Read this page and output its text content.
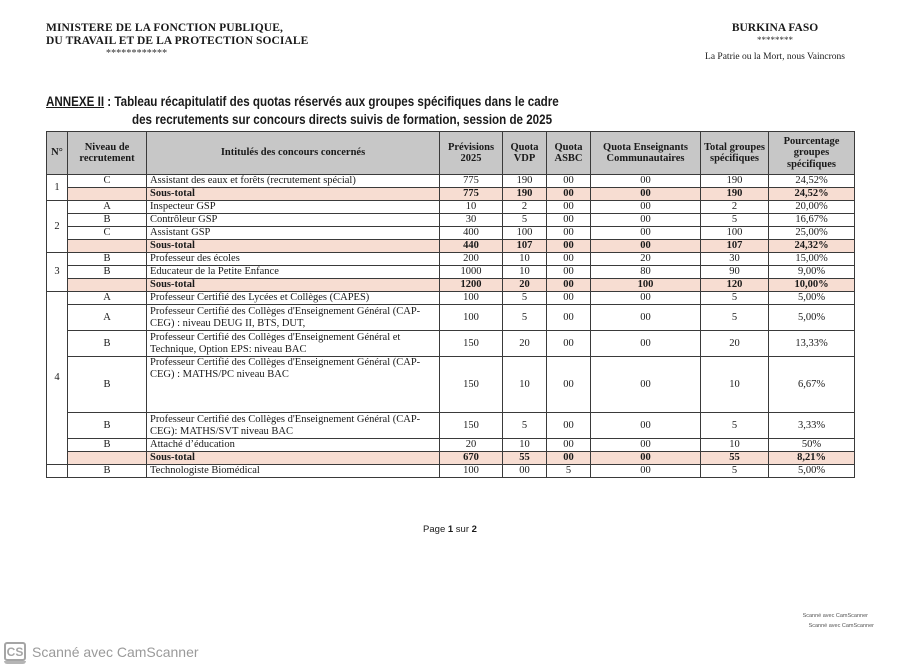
MINISTERE DE LA FONCTION PUBLIQUE,
DU TRAVAIL ET DE LA PROTECTION SOCIALE
************
BURKINA FASO
********
La Patrie ou la Mort, nous Vaincrons
ANNEXE II : Tableau récapitulatif des quotas réservés aux groupes spécifiques dans le cadre
des recrutements sur concours directs suivis de formation, session de 2025
N°	Niveau de recrutement	Intitulés des concours concernés	Prévisions 2025	Quota VDP	Quota ASBC	Quota Enseignants Communautaires	Total groupes spécifiques	Pourcentage groupes spécifiques
1	C	Assistant des eaux et forêts (recrutement spécial)	775	190	00	00	190	24,52%
		Sous-total	775	190	00	00	190	24,52%
2	A	Inspecteur GSP	10	2	00	00	2	20,00%
	B	Contrôleur GSP	30	5	00	00	5	16,67%
	C	Assistant GSP	400	100	00	00	100	25,00%
		Sous-total	440	107	00	00	107	24,32%
3	B	Professeur des écoles	200	10	00	20	30	15,00%
	B	Educateur de la Petite Enfance	1000	10	00	80	90	9,00%
		Sous-total	1200	20	00	100	120	10,00%
4	A	Professeur Certifié des Lycées et Collèges (CAPES)	100	5	00	00	5	5,00%
	A	Professeur Certifié des Collèges d'Enseignement Général (CAP-CEG) : niveau DEUG II, BTS, DUT,	100	5	00	00	5	5,00%
	B	Professeur Certifié des Collèges d'Enseignement Général et Technique, Option EPS: niveau BAC	150	20	00	00	20	13,33%
	B	Professeur Certifié des Collèges d'Enseignement Général (CAP-CEG) : MATHS/PC niveau BAC	150	10	00	00	10	6,67%
	B	Professeur Certifié des Collèges d'Enseignement Général (CAP-CEG): MATHS/SVT niveau BAC	150	5	00	00	5	3,33%
	B	Attaché d’éducation	20	10	00	00	10	50%
		Sous-total	670	55	00	00	55	8,21%
	B	Technologiste Biomédical	100	00	5	00	5	5,00%
Page 1 sur 2
Scanné avec CamScanner
Scanné avec CamScanner
CS Scanné avec CamScanner
